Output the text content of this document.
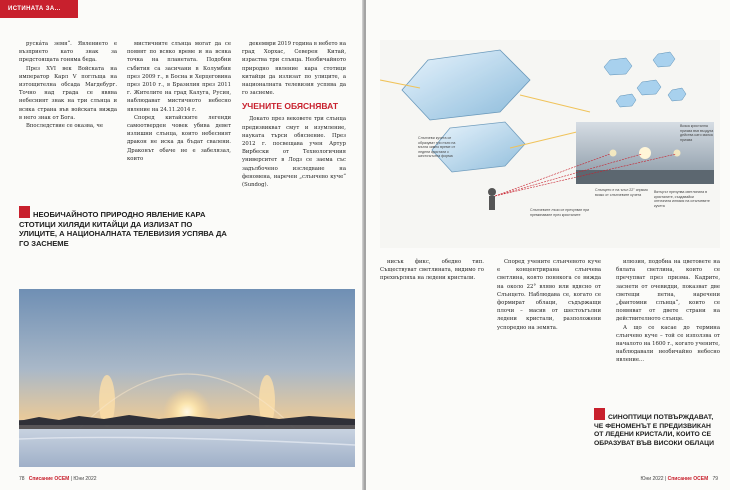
ИСТИНАТА ЗА...

рускáта земя“. Явлението е възприето като знак за предстоящата гоняма беда.

През XVI век Войската на император Карл V поглъща на изтощителна обсада Магдебург. Точно над града се явява небесният знак на три слънца и всяка страна във войската вижда в него знак от Бога.

Впоследствие се оказва, че

мистичните слънца могат да се появят по всяко време и на всяка точка на планетата. Подобни събития са засичани в Колумбия през 2009 г., в Босна и Херцеговина през 2010 г., в Бразилия през 2011 г. Жителите на град Калуга, Русия, наблюдават мистичното небесно явление на 24.11.2014 г.

Според китайските легенди самоотверден човек убива девет излишни слънца, които небесният дракон не иска да бъдат свалени. Драконът обаче не е забелязал, които

декември 2019 година в небето на град Хорхас, Северен Китай, израства три слънца. Необичайното природно явление кара стотици китайци да излизат по улиците, а националната телевизия успява да го заснеме.

УЧЕНИТЕ ОБЯСНЯВАТ

Докато през вековете три слънца предизвикват смут и изумление, науката търси обяснение. През 2012 г. посвещава учен Артур Вирбески от Технологичния университет в Лодз се заема със задълбочено изследване на феномена, наречен „слънчево куче“ (Sundog).

НЕОБИЧАЙНОТО ПРИРОДНО ЯВЛЕНИЕ КАРА СТОТИЦИ ХИЛЯДИ КИТАЙЦИ ДА ИЗЛИЗАТ ПО УЛИЦИТЕ, А НАЦИОНАЛНАТА ТЕЛЕВИЗИЯ УСПЯВА ДА ГО ЗАСНЕМЕ
78 Списание ОСЕМ | Юни 2022
Слънчеви кучета се образуват три пъти на мъгла зимно време от ледени кристали с шестоъгълна форма
Слънчевите лъчи се пречупват при преминаване през кристалите
Слънцето е на ъгъл 22° спрямо всяко от слънчевите кучета
Вятърът пречупва светлината в кристалите, създавайки оптичната илюзия на слънчевите кучета
Всяка кристална призма във въздуха действа като малка призма

нисък фикс, обедно тип. Съществуват светлината, видимо го прехвърляха на ледени кристали.

Според учените слънчевото куче е концентрирана слънчева светлина, която понякога се вижда на около 22° вляво или вдясно от Слънцето. Наблюдава се, когато се формират облаци, съдържащи плочи – масив от шестоъгълни ледени кристали, разположени успоредно на земята.

илюзия, подобна на цветовете на бялата светлина, които се пречупват през призма. Кадрите, заснети от очевидци, показват две светещи петна, наречени „фантомни слънца“, които се появяват от двете страни на действителното слънце.

А що се касае до термина слънчево куче – той се използва от началото на 1600 г., когато учените, наблюдавали необичайно небесно явление...

СИНОПТИЦИ ПОТВЪРЖДАВАТ, ЧЕ ФЕНОМЕНЪТ Е ПРЕДИЗВИКАН ОТ ЛЕДЕНИ КРИСТАЛИ, КОИТО СЕ ОБРАЗУВАТ ВЪВ ВИСОКИ ОБЛАЦИ
Юни 2022 | Списание ОСЕМ 79
